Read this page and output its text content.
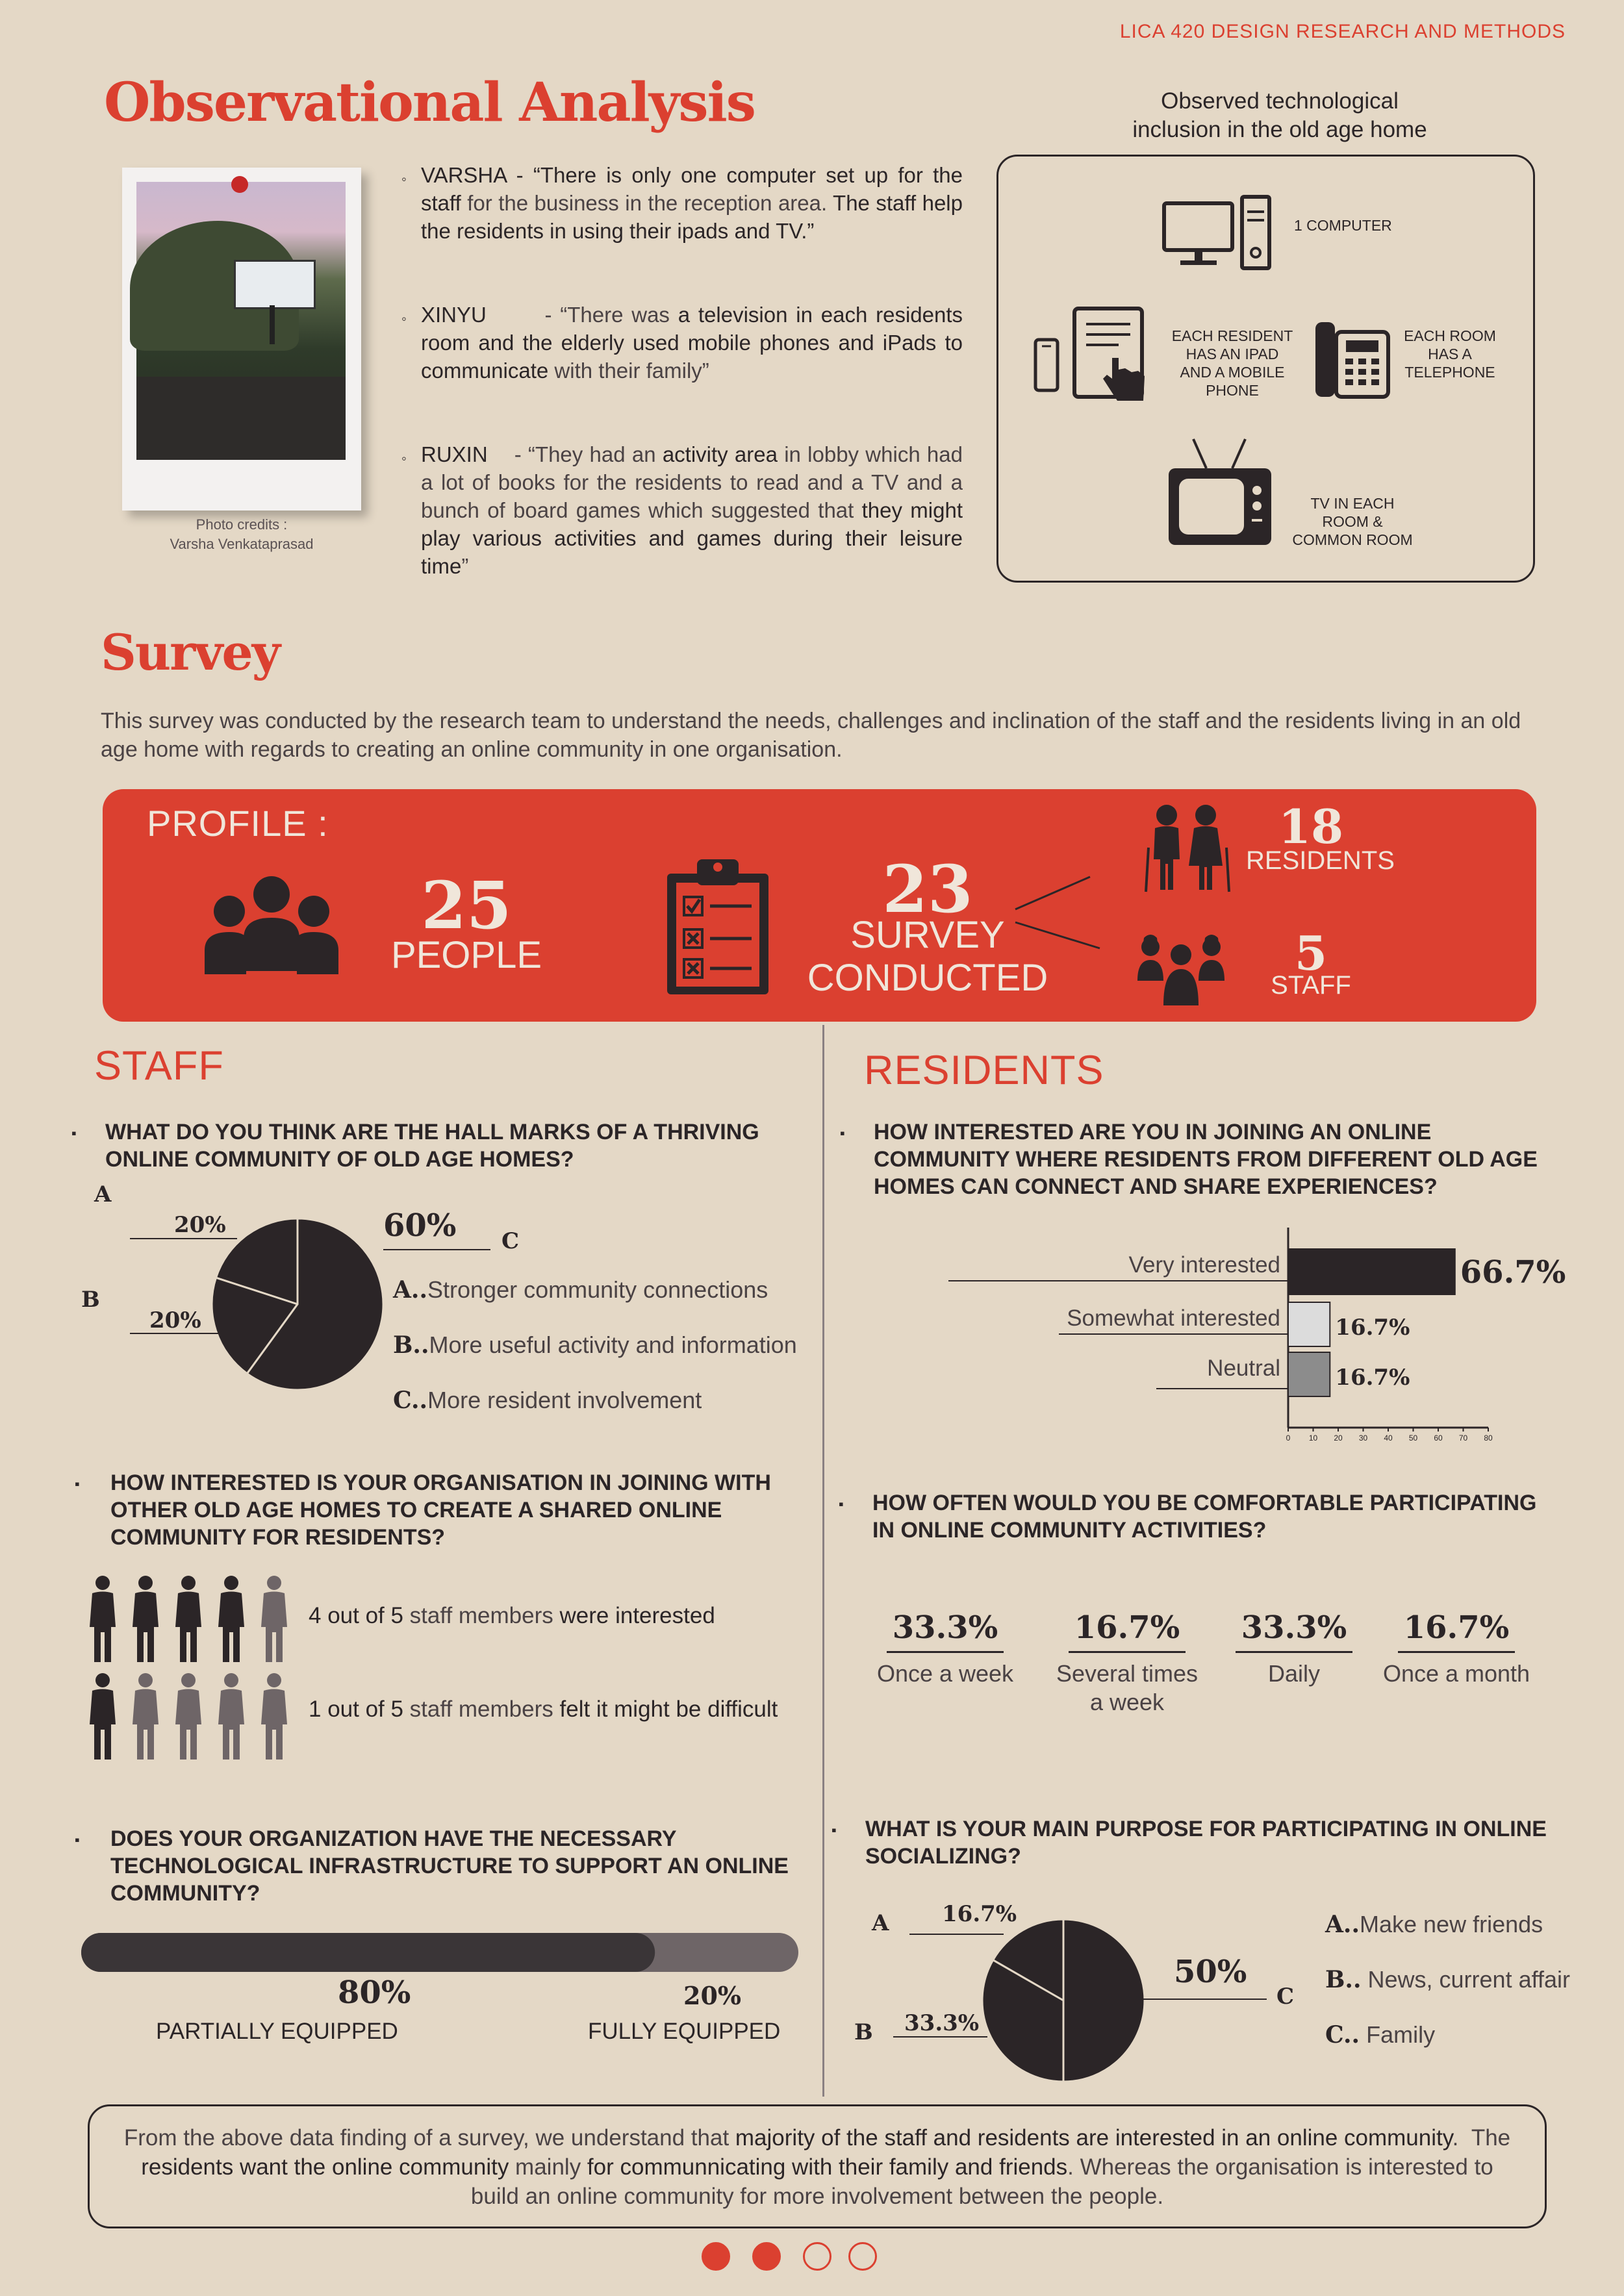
LICA 420 DESIGN RESEARCH AND METHODS
Observational Analysis
Photo credits :
Varsha Venkataprasad
◦ VARSHA - “There is only one computer set up for the staff for the business in the reception area. The staff help the residents in using their ipads and TV.”
◦ XINYU       - “There was a television in each residents room and the elderly used mobile phones and iPads to communicate with their family”
◦ RUXIN    - “They had an activity area in lobby which had a lot of books for the residents to read and a TV and a bunch of board games which suggested that they might play various activities and games during their leisure time”
Observed technological
inclusion in the old age home
1 COMPUTER
EACH RESIDENT
HAS AN IPAD
AND A MOBILE
PHONE
EACH ROOM
HAS A
TELEPHONE
TV IN EACH
ROOM &
COMMON ROOM
Survey
This survey was conducted by the research team to understand the needs, challenges and inclination of the staff and the residents living in an old age home with regards to creating an online community in one organisation.
PROFILE :
25
PEOPLE
23
SURVEY
CONDUCTED
18
RESIDENTS
5
STAFF
STAFF
▪ WHAT DO YOU THINK ARE THE HALL MARKS OF A THRIVING
ONLINE COMMUNITY OF OLD AGE HOMES?
A
B
C
20%
20%
60%
A..Stronger community connections
B..More useful activity and information
C..More resident involvement
▪ HOW INTERESTED IS YOUR ORGANISATION IN JOINING WITH
OTHER OLD AGE HOMES TO CREATE A SHARED ONLINE
COMMUNITY FOR RESIDENTS?
4 out of 5 staff members were interested
1 out of 5 staff members felt it might be difficult
▪ DOES YOUR ORGANIZATION HAVE THE NECESSARY
TECHNOLOGICAL INFRASTRUCTURE TO SUPPORT AN ONLINE
COMMUNITY?
80%
PARTIALLY EQUIPPED
20%
FULLY EQUIPPED
RESIDENTS
▪ HOW INTERESTED ARE YOU IN JOINING AN ONLINE
COMMUNITY WHERE RESIDENTS FROM DIFFERENT OLD AGE
HOMES CAN CONNECT AND SHARE EXPERIENCES?
Very interested	66.7%
Somewhat interested 16.7%
Neutral 16.7%
0 10 20 30 40 50 60 70 80
▪ HOW OFTEN WOULD YOU BE COMFORTABLE PARTICIPATING
IN ONLINE COMMUNITY ACTIVITIES?
33.3%
Once a week
16.7%
Several times
a week
33.3%
Daily
16.7%
Once a month
▪ WHAT IS YOUR MAIN PURPOSE FOR PARTICIPATING IN ONLINE
SOCIALIZING?
A
B
C
16.7%
33.3%
50%
A..Make new friends
B.. News, current affair
C.. Family
From the above data finding of a survey, we understand that majority of the staff and residents are interested in an online community.  The residents want the online community mainly for communnicating with their family and friends. Whereas the organisation is interested to build an online community for more involvement between the people.
